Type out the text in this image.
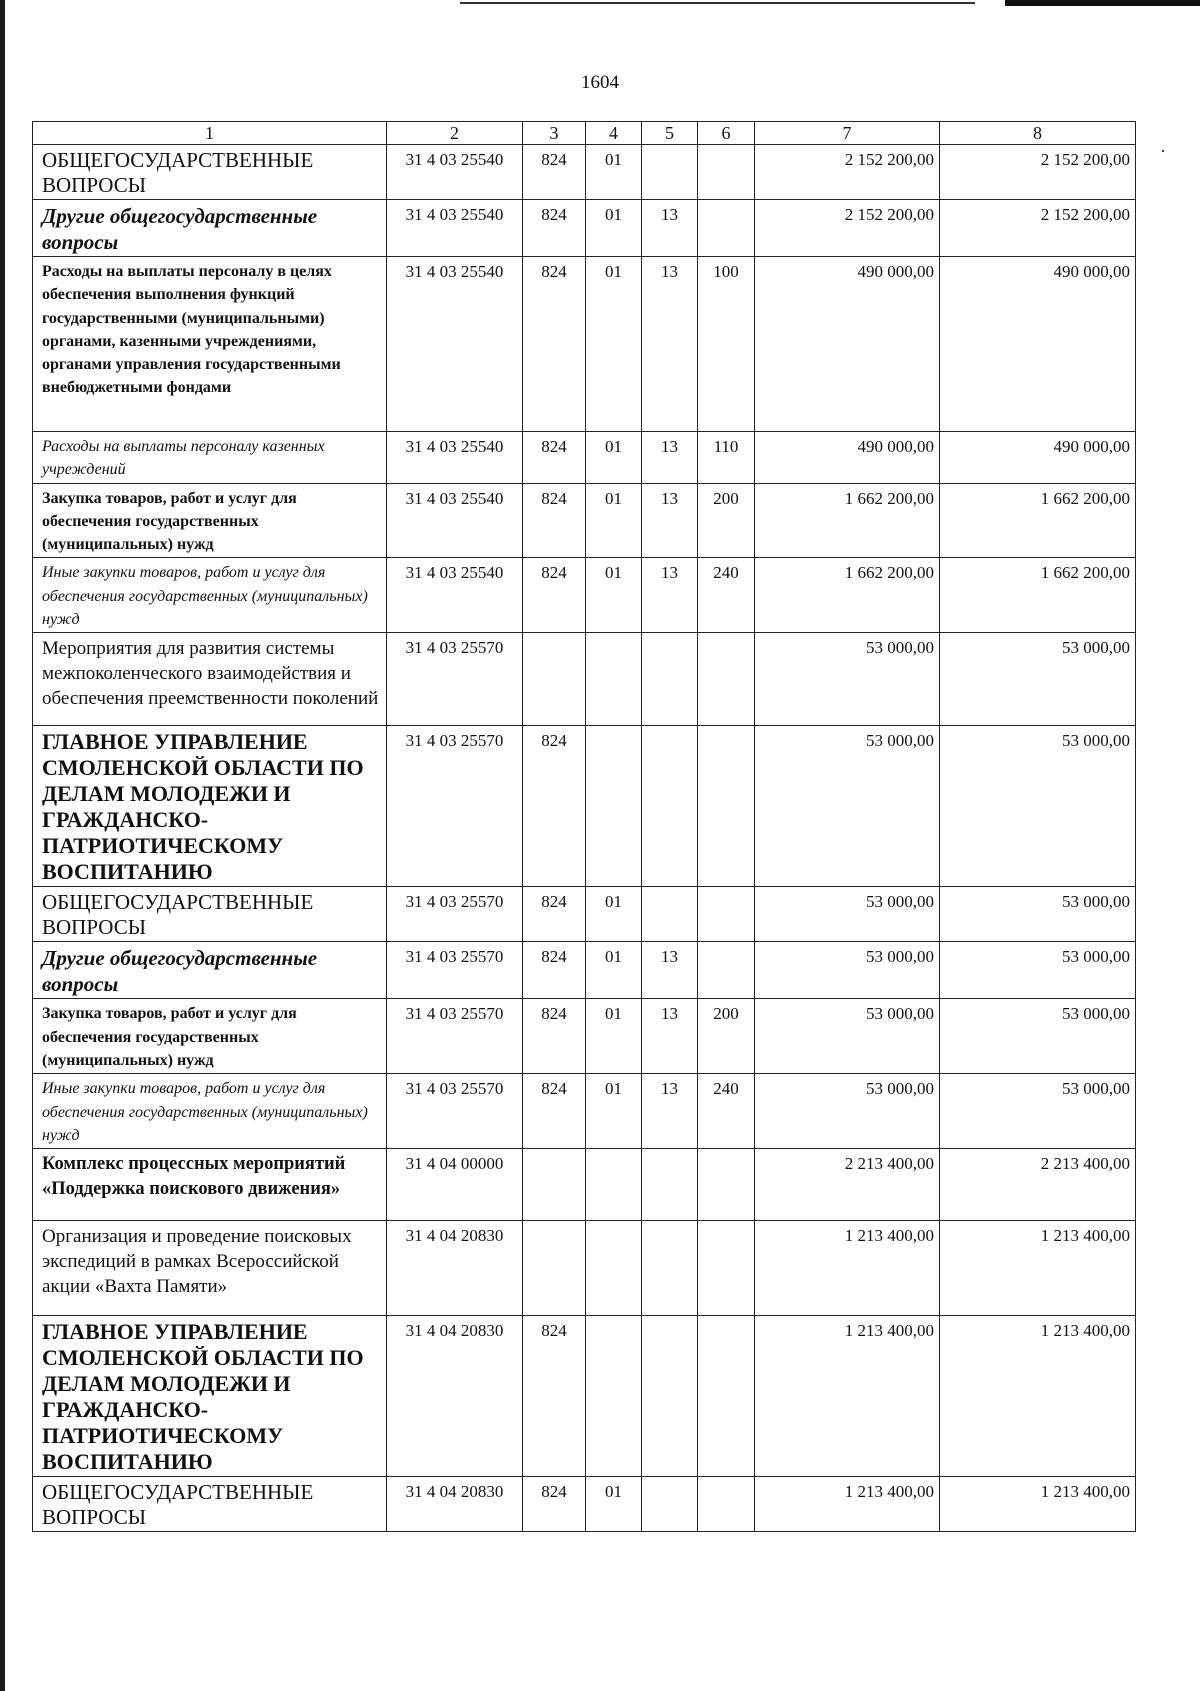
1604
1	2	3	4	5	6	7	8
ОБЩЕГОСУДАРСТВЕННЫЕ ВОПРОСЫ	31 4 03 25540	824	01			2 152 200,00	2 152 200,00
Другие общегосударственные вопросы	31 4 03 25540	824	01	13		2 152 200,00	2 152 200,00
Расходы на выплаты персоналу в целях обеспечения выполнения функций государственными (муниципальными) органами, казенными учреждениями, органами управления государственными внебюджетными фондами	31 4 03 25540	824	01	13	100	490 000,00	490 000,00
Расходы на выплаты персоналу казенных учреждений	31 4 03 25540	824	01	13	110	490 000,00	490 000,00
Закупка товаров, работ и услуг для обеспечения государственных (муниципальных) нужд	31 4 03 25540	824	01	13	200	1 662 200,00	1 662 200,00
Иные закупки товаров, работ и услуг для обеспечения государственных (муниципальных) нужд	31 4 03 25540	824	01	13	240	1 662 200,00	1 662 200,00
Мероприятия для развития системы межпоколенческого взаимодействия и обеспечения преемственности поколений	31 4 03 25570					53 000,00	53 000,00
ГЛАВНОЕ УПРАВЛЕНИЕ СМОЛЕНСКОЙ ОБЛАСТИ ПО ДЕЛАМ МОЛОДЕЖИ И ГРАЖДАНСКО-ПАТРИОТИЧЕСКОМУ ВОСПИТАНИЮ	31 4 03 25570	824				53 000,00	53 000,00
ОБЩЕГОСУДАРСТВЕННЫЕ ВОПРОСЫ	31 4 03 25570	824	01			53 000,00	53 000,00
Другие общегосударственные вопросы	31 4 03 25570	824	01	13		53 000,00	53 000,00
Закупка товаров, работ и услуг для обеспечения государственных (муниципальных) нужд	31 4 03 25570	824	01	13	200	53 000,00	53 000,00
Иные закупки товаров, работ и услуг для обеспечения государственных (муниципальных) нужд	31 4 03 25570	824	01	13	240	53 000,00	53 000,00
Комплекс процессных мероприятий «Поддержка поискового движения»	31 4 04 00000					2 213 400,00	2 213 400,00
Организация и проведение поисковых экспедиций в рамках Всероссийской акции «Вахта Памяти»	31 4 04 20830					1 213 400,00	1 213 400,00
ГЛАВНОЕ УПРАВЛЕНИЕ СМОЛЕНСКОЙ ОБЛАСТИ ПО ДЕЛАМ МОЛОДЕЖИ И ГРАЖДАНСКО-ПАТРИОТИЧЕСКОМУ ВОСПИТАНИЮ	31 4 04 20830	824				1 213 400,00	1 213 400,00
ОБЩЕГОСУДАРСТВЕННЫЕ ВОПРОСЫ	31 4 04 20830	824	01			1 213 400,00	1 213 400,00
